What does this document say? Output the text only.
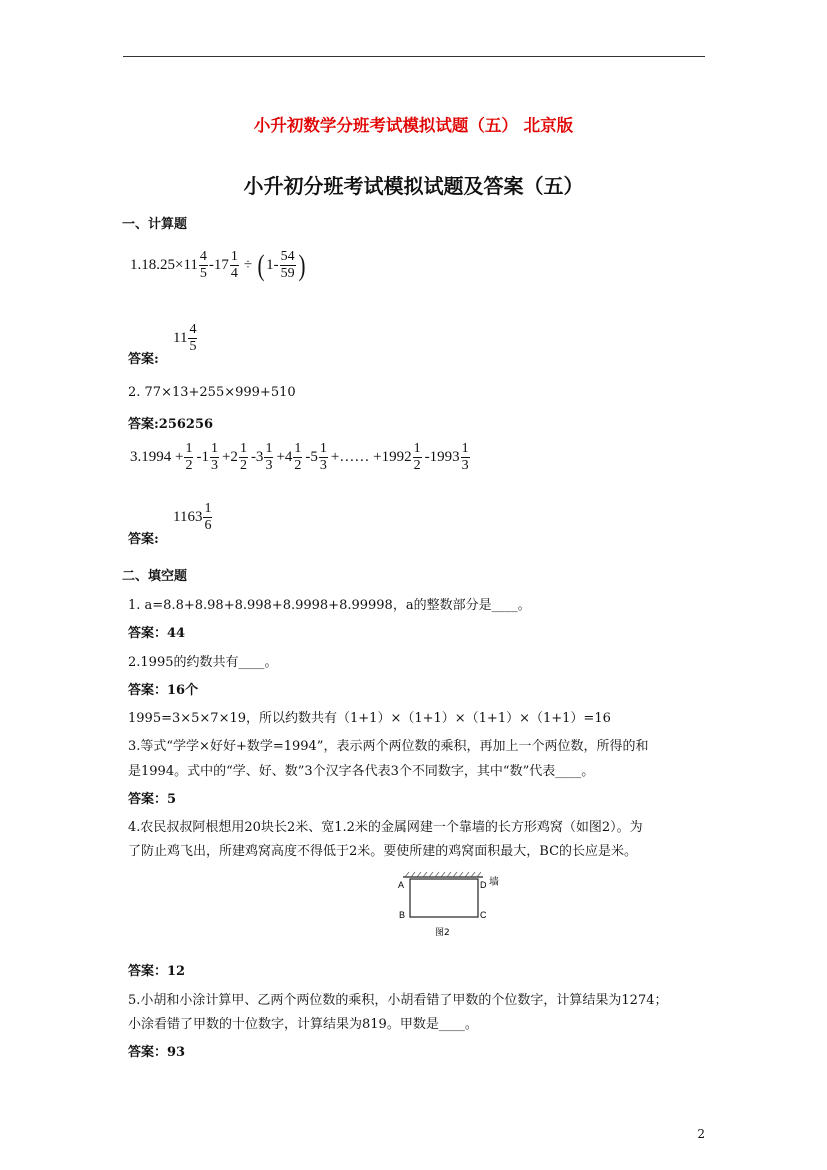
小升初数学分班考试模拟试题（五） 北京版
小升初分班考试模拟试题及答案（五）
一、计算题
$1.18.25\times 11 \frac{4}{5} -17 \frac{1}{4}$ ÷ ( $1- \frac{54}{59}$ )
答案:
$11 \frac{4}{5}$
2. 77×13+255×999+510
答案:256256
$3.1994 + \frac{1}{2} -1 \frac{1}{3} +2 \frac{1}{2} -3 \frac{1}{3} +4 \frac{1}{2} -5 \frac{1}{3}$ +…… $+1992 \frac{1}{2} -1993 \frac{1}{3}$
答案:
$1163 \frac{1}{6}$
二、填空题
1. a=8.8+8.98+8.998+8.9998+8.99998，a的整数部分是____。
答案：44
2.1995的约数共有____。
答案：16个
1995=3×5×7×19，所以约数共有（1+1）×（1+1）×（1+1）×（1+1）=16
3.等式“学学×好好+数学=1994”，表示两个两位数的乘积，再加上一个两位数，所得的和
是1994。式中的“学、好、数”3个汉字各代表3个不同数字，其中“数”代表____。
答案：5
4.农民叔叔阿根想用20块长2米、宽1.2米的金属网建一个靠墙的长方形鸡窝（如图2）。为
了防止鸡飞出，所建鸡窝高度不得低于2米。要使所建的鸡窝面积最大，BC的长应是米。
A	D 墙
B	C
图2
答案：12
5.小胡和小涂计算甲、乙两个两位数的乘积，小胡看错了甲数的个位数字，计算结果为1274；
小涂看错了甲数的十位数字，计算结果为819。甲数是____。
答案：93
2
